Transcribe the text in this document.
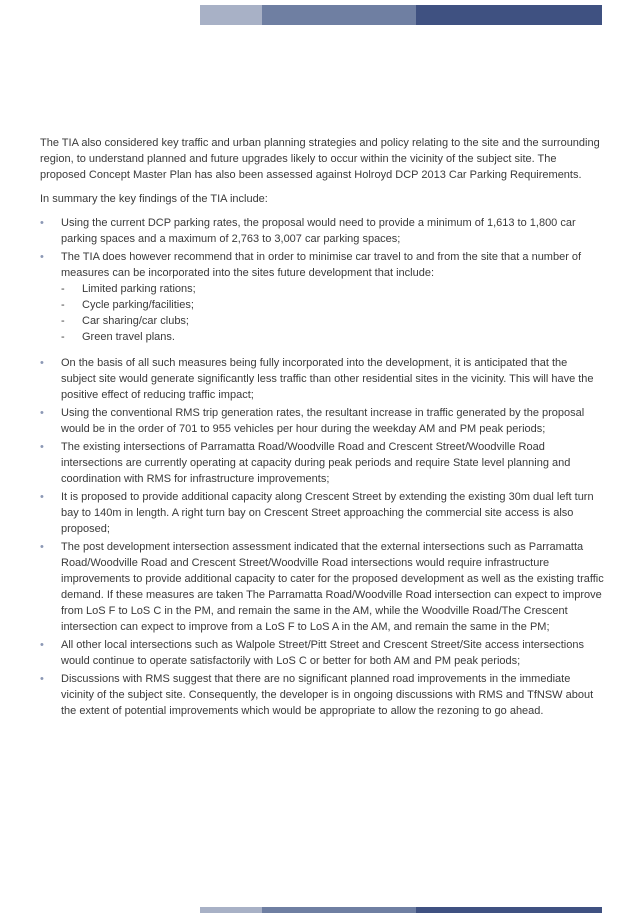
The TIA also considered key traffic and urban planning strategies and policy relating to the site and the surrounding region, to understand planned and future upgrades likely to occur within the vicinity of the subject site. The proposed Concept Master Plan has also been assessed against Holroyd DCP 2013 Car Parking Requirements.

In summary the key findings of the TIA include:

• Using the current DCP parking rates, the proposal would need to provide a minimum of 1,613 to 1,800 car parking spaces and a maximum of 2,763 to 3,007 car parking spaces;
• The TIA does however recommend that in order to minimise car travel to and from the site that a number of measures can be incorporated into the sites future development that include:
- Limited parking rations;
- Cycle parking/facilities;
- Car sharing/car clubs;
- Green travel plans.
• On the basis of all such measures being fully incorporated into the development, it is anticipated that the subject site would generate significantly less traffic than other residential sites in the vicinity. This will have the positive effect of reducing traffic impact;
• Using the conventional RMS trip generation rates, the resultant increase in traffic generated by the proposal would be in the order of 701 to 955 vehicles per hour during the weekday AM and PM peak periods;
• The existing intersections of Parramatta Road/Woodville Road and Crescent Street/Woodville Road intersections are currently operating at capacity during peak periods and require State level planning and coordination with RMS for infrastructure improvements;
• It is proposed to provide additional capacity along Crescent Street by extending the existing 30m dual left turn bay to 140m in length. A right turn bay on Crescent Street approaching the commercial site access is also proposed;
• The post development intersection assessment indicated that the external intersections such as Parramatta Road/Woodville Road and Crescent Street/Woodville Road intersections would require infrastructure improvements to provide additional capacity to cater for the proposed development as well as the existing traffic demand. If these measures are taken The Parramatta Road/Woodville Road intersection can expect to improve from LoS F to LoS C in the PM, and remain the same in the AM, while the Woodville Road/The Crescent intersection can expect to improve from a LoS F to LoS A in the AM, and remain the same in the PM;
• All other local intersections such as Walpole Street/Pitt Street and Crescent Street/Site access intersections would continue to operate satisfactorily with LoS C or better for both AM and PM peak periods;
• Discussions with RMS suggest that there are no significant planned road improvements in the immediate vicinity of the subject site. Consequently, the developer is in ongoing discussions with RMS and TfNSW about the extent of potential improvements which would be appropriate to allow the rezoning to go ahead.
